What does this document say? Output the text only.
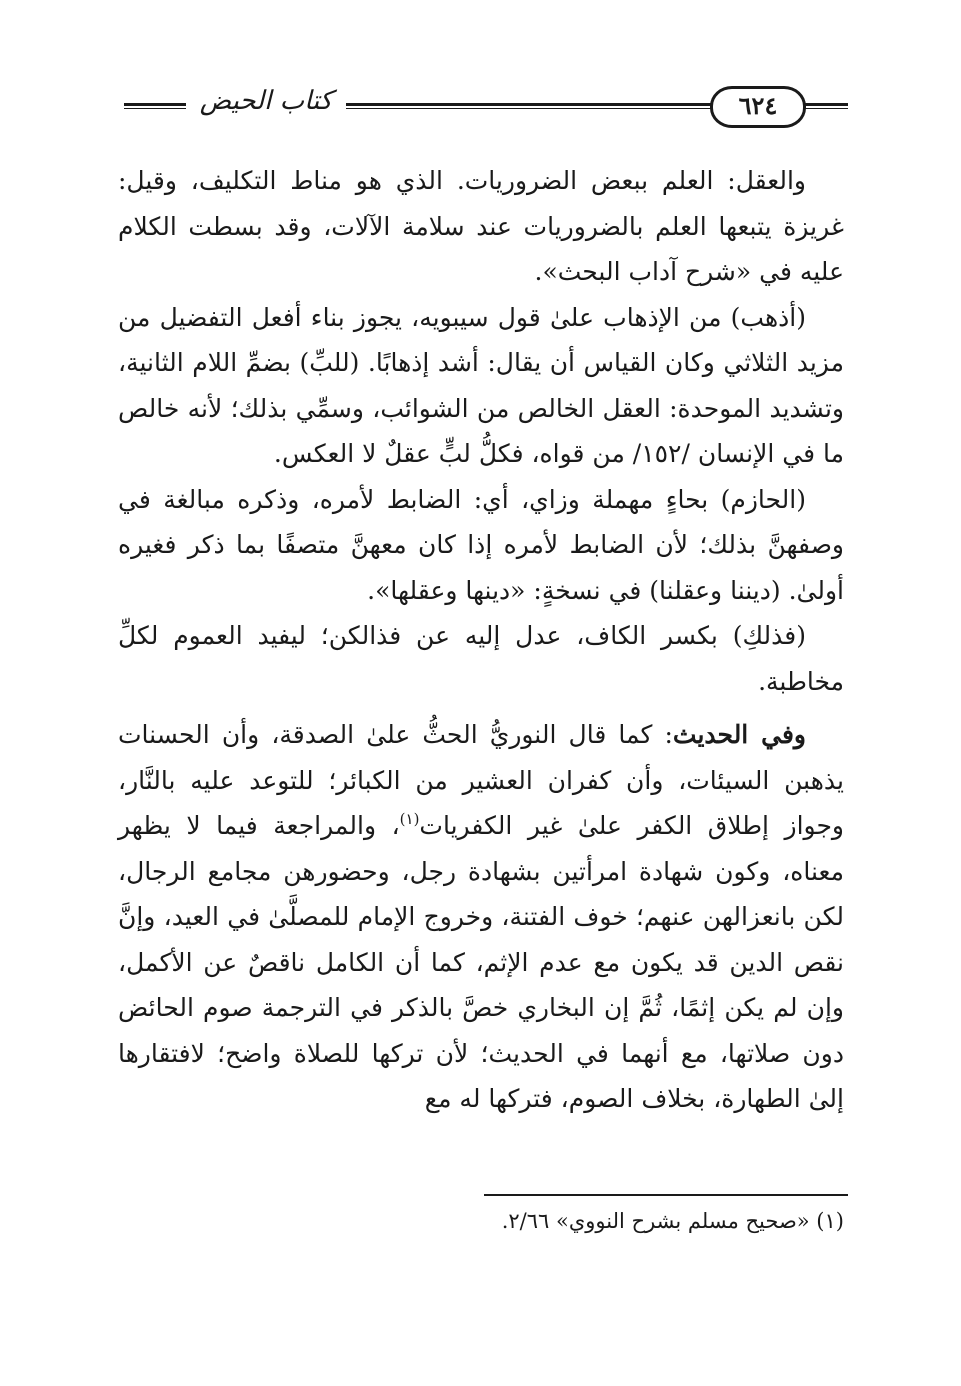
كتاب الحيض	٦٢٤

والعقل: العلم ببعض الضروريات. الذي هو مناط التكليف، وقيل: غريزة يتبعها العلم بالضروريات عند سلامة الآلات، وقد بسطت الكلام عليه في «شرح آداب البحث».

(أذهب) من الإذهاب علىٰ قول سيبويه، يجوز بناء أفعل التفضيل من مزيد الثلاثي وكان القياس أن يقال: أشد إذهابًا. (للبِّ) بضمِّ اللام الثانية، وتشديد الموحدة: العقل الخالص من الشوائب، وسمِّي بذلك؛ لأنه خالص ما في الإنسان /١٥٢/ من قواه، فكلُّ لبٍّ عقلٌ لا العكس.

(الحازم) بحاءٍ مهملة وزاي، أي: الضابط لأمره، وذكره مبالغة في وصفهنَّ بذلك؛ لأن الضابط لأمره إذا كان معهنَّ متصفًا بما ذكر فغيره أولىٰ. (ديننا وعقلنا) في نسخةٍ: «دينها وعقلها».

(فذلكِ) بكسر الكاف، عدل إليه عن فذالكن؛ ليفيد العموم لكلِّ مخاطبة.

وفي الحديث: كما قال النوريُّ الحثُّ علىٰ الصدقة، وأن الحسنات يذهبن السيئات، وأن كفران العشير من الكبائر؛ للتوعد عليه بالنَّار، وجواز إطلاق الكفر علىٰ غير الكفريات$^{(١)}$، والمراجعة فيما لا يظهر معناه، وكون شهادة امرأتين بشهادة رجل، وحضورهن مجامع الرجال، لكن بانعزالهن عنهم؛ خوف الفتنة، وخروج الإمام للمصلَّىٰ في العيد، وإنَّ نقص الدين قد يكون مع عدم الإثم، كما أن الكامل ناقصٌ عن الأكمل، وإن لم يكن إثمًا، ثُمَّ إن البخاري خصَّ بالذكر في الترجمة صوم الحائض دون صلاتها، مع أنهما في الحديث؛ لأن تركها للصلاة واضح؛ لافتقارها إلىٰ الطهارة، بخلاف الصوم، فتركها له مع

(١) «صحيح مسلم بشرح النووي» ٢/٦٦.
